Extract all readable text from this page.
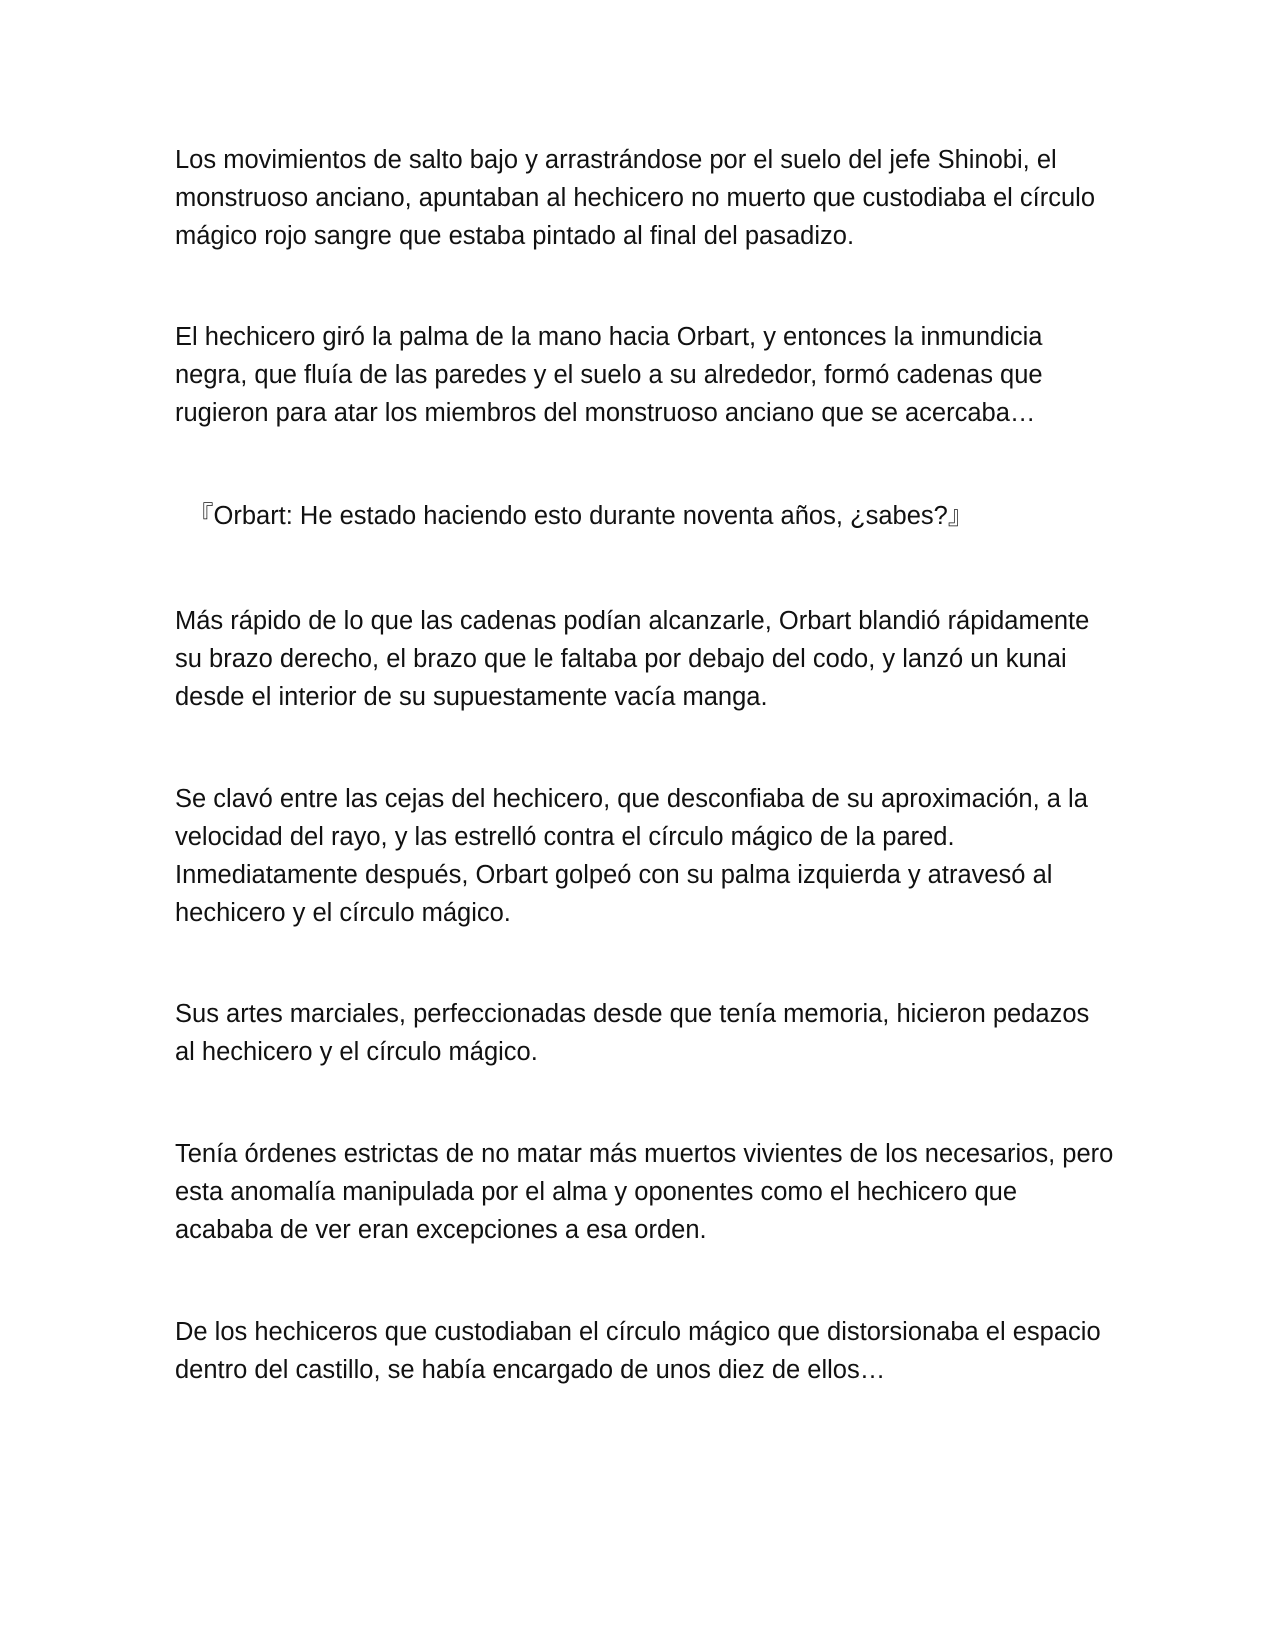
Los movimientos de salto bajo y arrastrándose por el suelo del jefe Shinobi, el monstruoso anciano, apuntaban al hechicero no muerto que custodiaba el círculo mágico rojo sangre que estaba pintado al final del pasadizo.

El hechicero giró la palma de la mano hacia Orbart, y entonces la inmundicia negra, que fluía de las paredes y el suelo a su alrededor, formó cadenas que rugieron para atar los miembros del monstruoso anciano que se acercaba…

『Orbart: He estado haciendo esto durante noventa años, ¿sabes?』

Más rápido de lo que las cadenas podían alcanzarle, Orbart blandió rápidamente su brazo derecho, el brazo que le faltaba por debajo del codo, y lanzó un kunai desde el interior de su supuestamente vacía manga.

Se clavó entre las cejas del hechicero, que desconfiaba de su aproximación, a la velocidad del rayo, y las estrelló contra el círculo mágico de la pared. Inmediatamente después, Orbart golpeó con su palma izquierda y atravesó al hechicero y el círculo mágico.

Sus artes marciales, perfeccionadas desde que tenía memoria, hicieron pedazos al hechicero y el círculo mágico.

Tenía órdenes estrictas de no matar más muertos vivientes de los necesarios, pero esta anomalía manipulada por el alma y oponentes como el hechicero que acababa de ver eran excepciones a esa orden.

De los hechiceros que custodiaban el círculo mágico que distorsionaba el espacio dentro del castillo, se había encargado de unos diez de ellos…
